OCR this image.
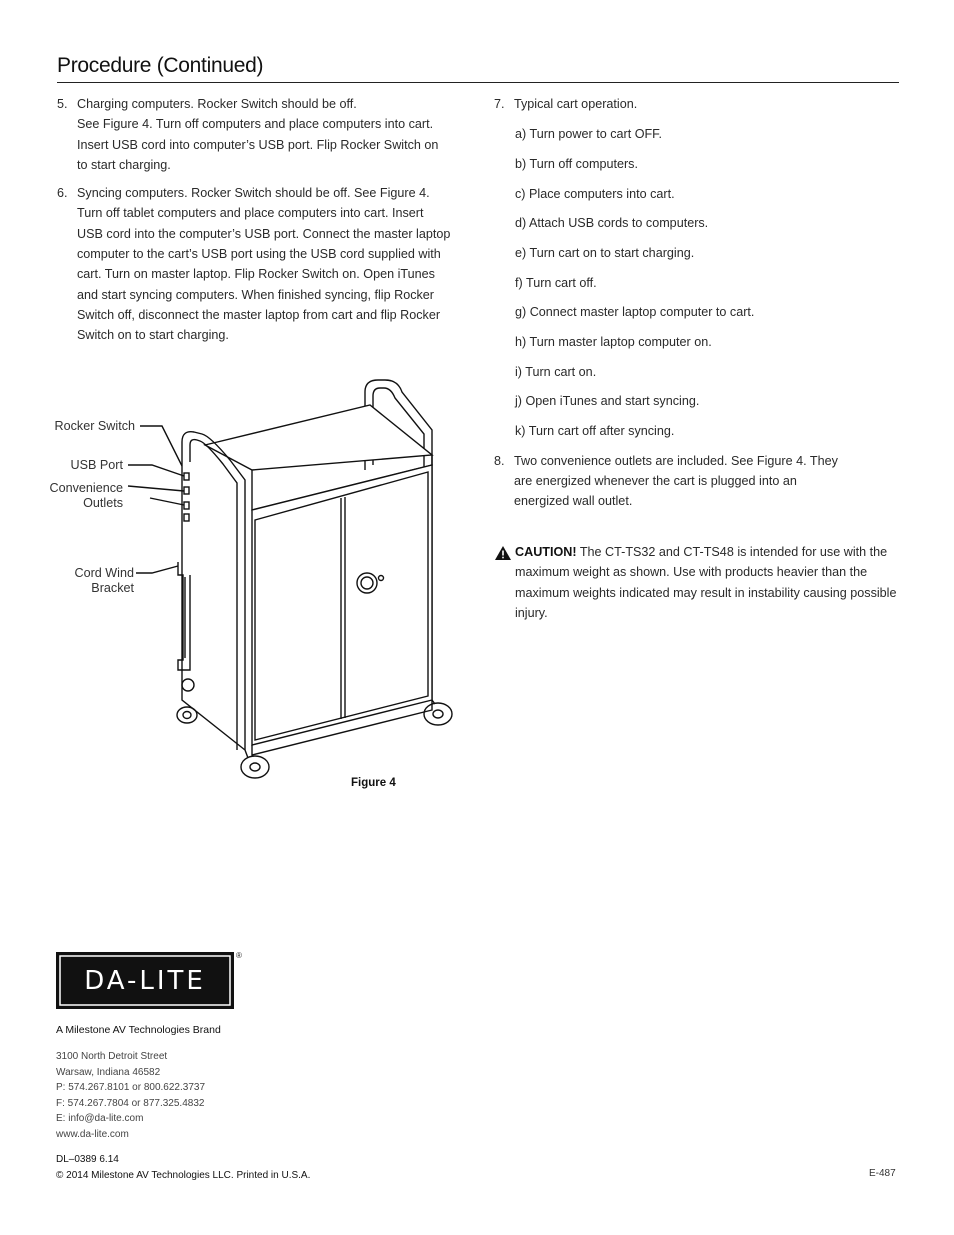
Procedure (Continued)
5. Charging computers. Rocker Switch should be off.
See Figure 4. Turn off computers and place computers into cart. Insert USB cord into computer’s USB port. Flip Rocker Switch on to start charging.
6. Syncing computers. Rocker Switch should be off. See Figure 4. Turn off tablet computers and place computers into cart. Insert USB cord into the computer’s USB port. Connect the master laptop computer to the cart’s USB port using the USB cord supplied with cart. Turn on master laptop. Flip Rocker Switch on. Open iTunes and start syncing computers. When finished syncing, flip Rocker Switch off, disconnect the master laptop from cart and flip Rocker Switch on to start charging.
7. Typical cart operation.
a) Turn power to cart OFF.
b) Turn off computers.
c) Place computers into cart.
d) Attach USB cords to computers.
e) Turn cart on to start charging.
f) Turn cart off.
g) Connect master laptop computer to cart.
h) Turn master laptop computer on.
i) Turn cart on.
j) Open iTunes and start syncing.
k) Turn cart off after syncing.
8. Two convenience outlets are included. See Figure 4. They are energized whenever the cart is plugged into an energized wall outlet.
CAUTION! The CT-TS32 and CT-TS48 is intended for use with the maximum weight as shown. Use with products heavier than the maximum weights indicated may result in instability causing possible injury.
Rocker Switch
USB Port
Convenience
Outlets
Cord Wind
Bracket
Figure 4
DA-LITE
®
A Milestone AV Technologies Brand
3100 North Detroit Street
Warsaw, Indiana 46582
P: 574.267.8101 or 800.622.3737
F: 574.267.7804 or 877.325.4832
E: info@da-lite.com
www.da-lite.com
DL–0389 6.14
© 2014 Milestone AV Technologies LLC. Printed in U.S.A.	E-487
